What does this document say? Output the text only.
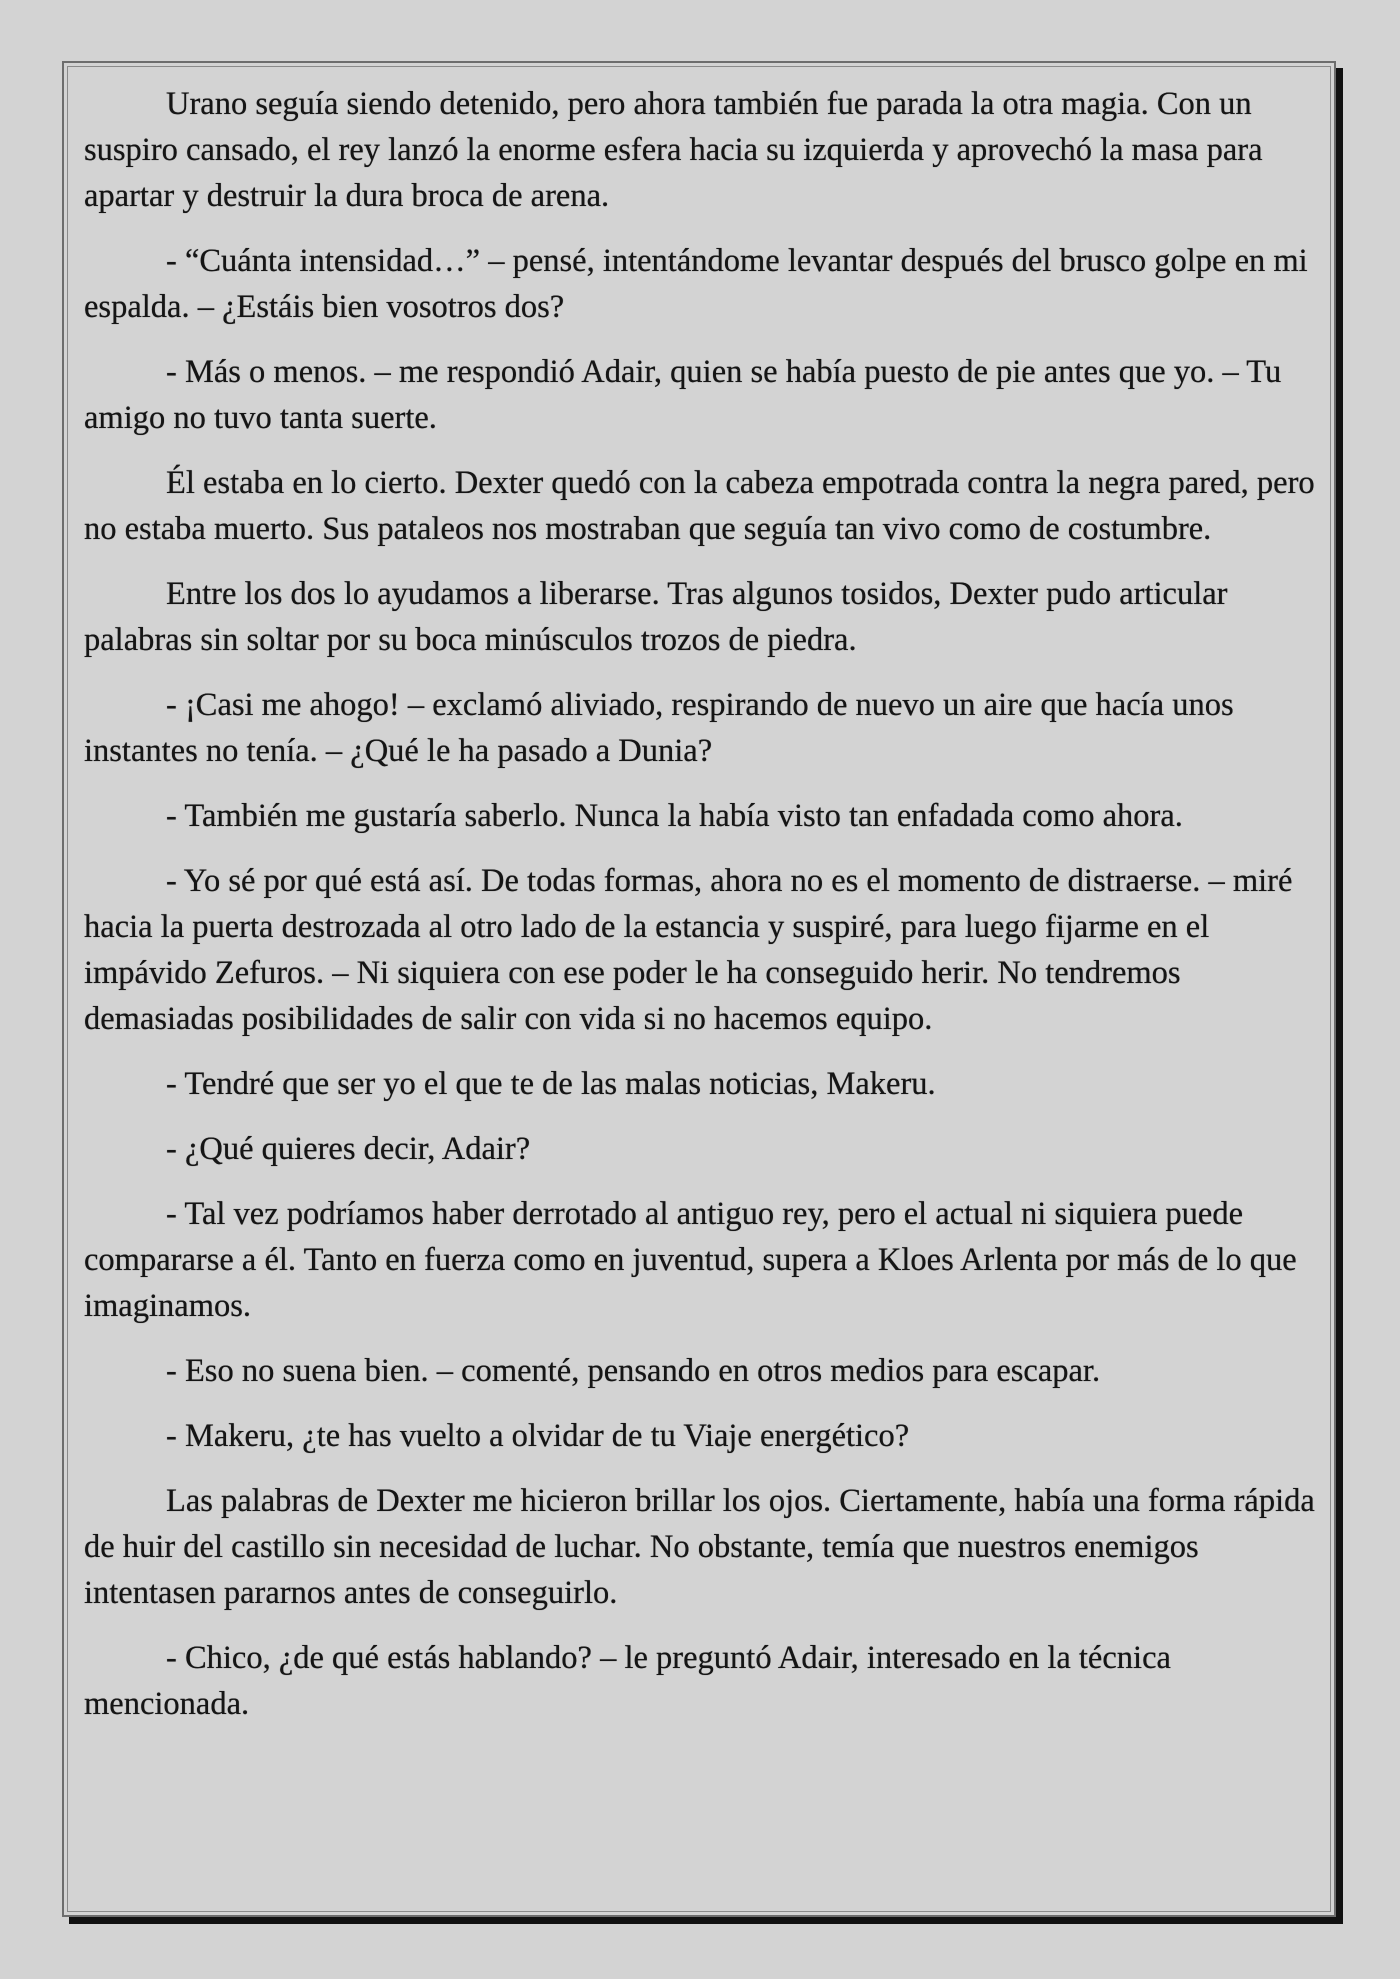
Urano seguía siendo detenido, pero ahora también fue parada la otra magia. Con un suspiro cansado, el rey lanzó la enorme esfera hacia su izquierda y aprovechó la masa para apartar y destruir la dura broca de arena.

- “Cuánta intensidad…” – pensé, intentándome levantar después del brusco golpe en mi espalda. – ¿Estáis bien vosotros dos?

- Más o menos. – me respondió Adair, quien se había puesto de pie antes que yo. – Tu amigo no tuvo tanta suerte.

Él estaba en lo cierto. Dexter quedó con la cabeza empotrada contra la negra pared, pero no estaba muerto. Sus pataleos nos mostraban que seguía tan vivo como de costumbre.

Entre los dos lo ayudamos a liberarse. Tras algunos tosidos, Dexter pudo articular palabras sin soltar por su boca minúsculos trozos de piedra.

- ¡Casi me ahogo! – exclamó aliviado, respirando de nuevo un aire que hacía unos instantes no tenía. – ¿Qué le ha pasado a Dunia?

- También me gustaría saberlo. Nunca la había visto tan enfadada como ahora.

- Yo sé por qué está así. De todas formas, ahora no es el momento de distraerse. – miré hacia la puerta destrozada al otro lado de la estancia y suspiré, para luego fijarme en el impávido Zefuros. – Ni siquiera con ese poder le ha conseguido herir. No tendremos demasiadas posibilidades de salir con vida si no hacemos equipo.

- Tendré que ser yo el que te de las malas noticias, Makeru.

- ¿Qué quieres decir, Adair?

- Tal vez podríamos haber derrotado al antiguo rey, pero el actual ni siquiera puede compararse a él. Tanto en fuerza como en juventud, supera a Kloes Arlenta por más de lo que imaginamos.

- Eso no suena bien. – comenté, pensando en otros medios para escapar.

- Makeru, ¿te has vuelto a olvidar de tu Viaje energético?

Las palabras de Dexter me hicieron brillar los ojos. Ciertamente, había una forma rápida de huir del castillo sin necesidad de luchar. No obstante, temía que nuestros enemigos intentasen pararnos antes de conseguirlo.

- Chico, ¿de qué estás hablando? – le preguntó Adair, interesado en la técnica mencionada.
